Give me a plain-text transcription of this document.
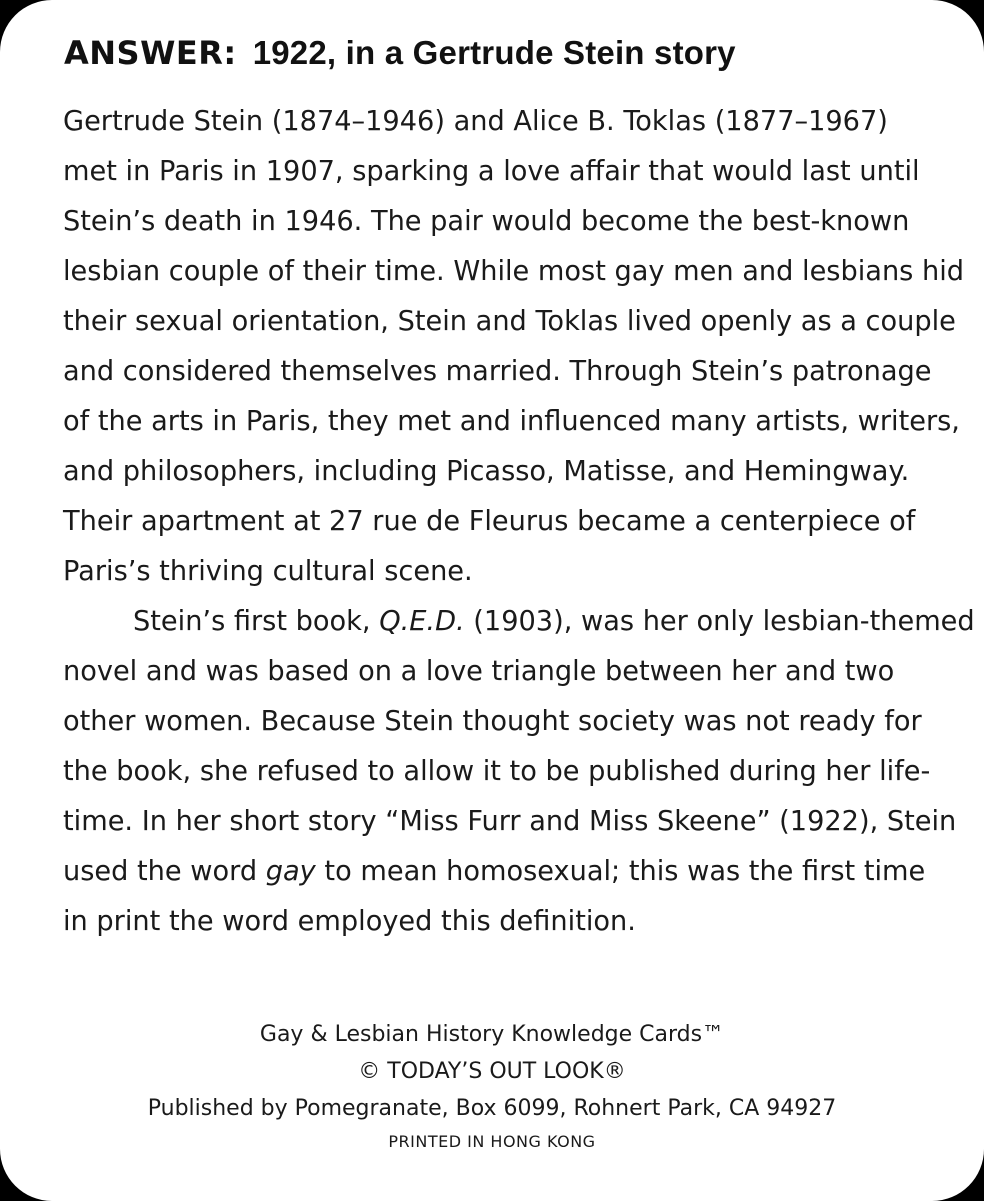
ANSWER: 1922, in a Gertrude Stein story
Gertrude Stein (1874–1946) and Alice B. Toklas (1877–1967)
met in Paris in 1907, sparking a love affair that would last until
Stein’s death in 1946. The pair would become the best-known
lesbian couple of their time. While most gay men and lesbians hid
their sexual orientation, Stein and Toklas lived openly as a couple
and considered themselves married. Through Stein’s patronage
of the arts in Paris, they met and influenced many artists, writers,
and philosophers, including Picasso, Matisse, and Hemingway.
Their apartment at 27 rue de Fleurus became a centerpiece of
Paris’s thriving cultural scene.
Stein’s first book, Q.E.D. (1903), was her only lesbian-themed
novel and was based on a love triangle between her and two
other women. Because Stein thought society was not ready for
the book, she refused to allow it to be published during her life-
time. In her short story “Miss Furr and Miss Skeene” (1922), Stein
used the word gay to mean homosexual; this was the first time
in print the word employed this definition.
Gay & Lesbian History Knowledge Cards™
© TODAY’S OUT LOOK®
Published by Pomegranate, Box 6099, Rohnert Park, CA 94927
PRINTED IN HONG KONG
